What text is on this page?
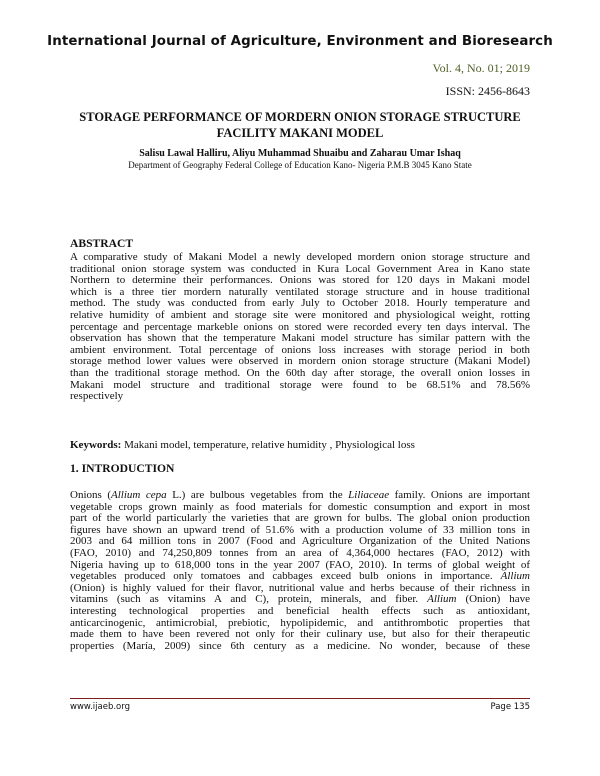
International Journal of Agriculture, Environment and Bioresearch
Vol. 4, No. 01; 2019
ISSN: 2456-8643
STORAGE PERFORMANCE OF MORDERN ONION STORAGE STRUCTURE FACILITY MAKANI MODEL
Salisu Lawal Halliru, Aliyu Muhammad Shuaibu and Zaharau Umar Ishaq
Department of Geography Federal College of Education Kano- Nigeria P.M.B 3045 Kano State
ABSTRACT
A comparative study of Makani Model a newly developed mordern onion storage structure and
traditional onion storage system was conducted in Kura Local Government Area in Kano state
Northern to determine their performances. Onions was stored for 120 days in Makani model
which is a three tier mordern naturally ventilated storage structure and in house traditional
method. The study was conducted from early July to October 2018. Hourly temperature and
relative humidity of ambient and storage site were monitored and physiological weight, rotting
percentage and percentage markeble onions on stored were recorded every ten days interval. The
observation has shown that the temperature Makani model structure has similar pattern with the
ambient environment. Total percentage of onions loss increases with storage period in both
storage method lower values were observed in mordern onion storage structure (Makani Model)
than the traditional storage method. On the 60th day after storage, the overall onion losses in
Makani model structure and traditional storage were found to be 68.51% and 78.56%
respectively
Keywords: Makani model, temperature, relative humidity , Physiological loss
1. INTRODUCTION
Onions (Allium cepa L.) are bulbous vegetables from the Liliaceae family. Onions are important
vegetable crops grown mainly as food materials for domestic consumption and export in most
part of the world particularly the varieties that are grown for bulbs. The global onion production
figures have shown an upward trend of 51.6% with a production volume of 33 million tons in
2003 and 64 million tons in 2007 (Food and Agriculture Organization of the United Nations
(FAO, 2010) and 74,250,809 tonnes from an area of 4,364,000 hectares (FAO, 2012) with
Nigeria having up to 618,000 tons in the year 2007 (FAO, 2010). In terms of global weight of
vegetables produced only tomatoes and cabbages exceed bulb onions in importance. Allium
(Onion) is highly valued for their flavor, nutritional value and herbs because of their richness in
vitamins (such as vitamins A and C), protein, minerals, and fiber. Allium (Onion) have
interesting technological properties and beneficial health effects such as antioxidant,
anticarcinogenic, antimicrobial, prebiotic, hypolipidemic, and antithrombotic properties that
made them to have been revered not only for their culinary use, but also for their therapeutic
properties (María, 2009) since 6th century as a medicine. No wonder, because of these
www.ijaeb.org	Page 135
